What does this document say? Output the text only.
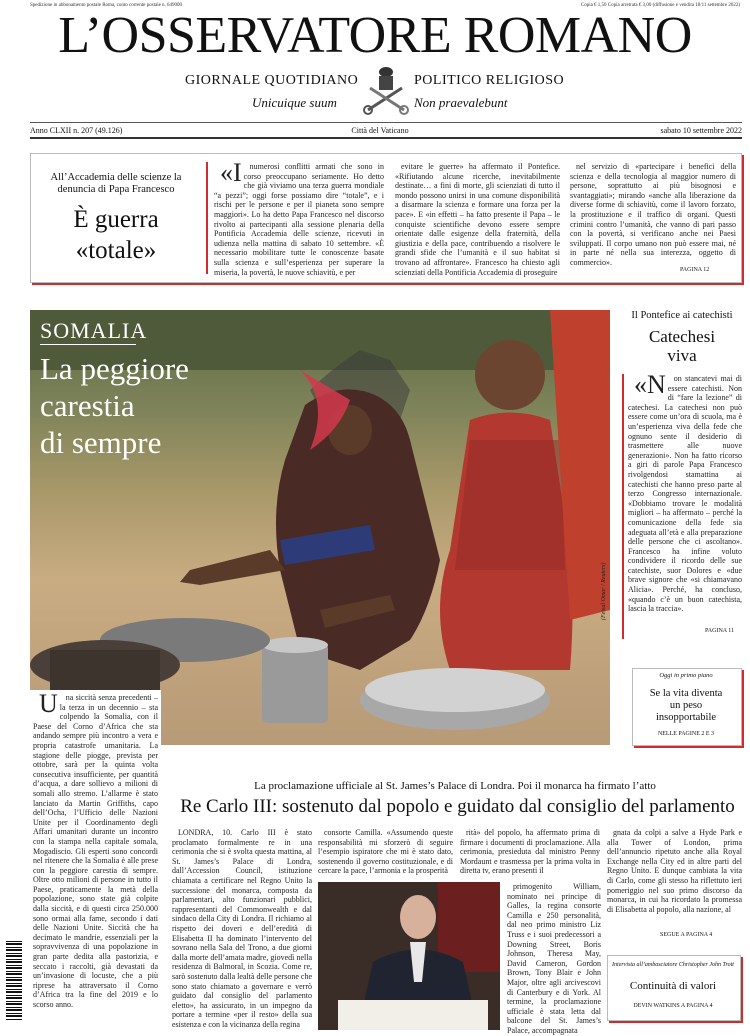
Spedizione in abbonamento postale Roma, conto corrente postale n. 649000	Copia € 1,50 Copia arretrata € 3,00 (diffusione e vendita 18/11 settembre 2022)
L’OSSERVATORE ROMANO
GIORNALE QUOTIDIANO	POLITICO RELIGIOSO
Unicuique suum	Non praevalebunt
Anno CLXII n. 207 (49.126)	Città del Vaticano	sabato 10 settembre 2022
All’Accademia delle scienze la denuncia di Papa Francesco
È guerra
«totale»

«Inumerosi conflitti armati che sono in corso preoccupano seriamente. Ho detto che già viviamo una terza guerra mondiale “a pezzi”; oggi forse possiamo dire “totale”, e i rischi per le persone e per il pianeta sono sempre maggiori». Lo ha detto Papa Francesco nel discorso rivolto ai partecipanti alla sessione plenaria della Pontificia Accademia delle scienze, ricevuti in udienza nella mattina di sabato 10 settembre. «È necessario mobilitare tutte le conoscenze basate sulla scienza e sull’esperienza per superare la miseria, la povertà, le nuove schiavitù, e per

evitare le guerre» ha affermato il Pontefice. «Rifiutando alcune ricerche, inevitabilmente destinate… a fini di morte, gli scienziati di tutto il mondo possono unirsi in una comune disponibilità a disarmare la scienza e formare una forza per la pace». E «in effetti – ha fatto presente il Papa – le conquiste scientifiche devono essere sempre orientate dalle esigenze della fraternità, della giustizia e della pace, contribuendo a risolvere le grandi sfide che l’umanità e il suo habitat si trovano ad affrontare». Francesco ha chiesto agli scienziati della Pontificia Accademia di proseguire

nel servizio di «partecipare i benefici della scienza e della tecnologia al maggior numero di persone, soprattutto ai più bisognosi e svantaggiati»; mirando «anche alla liberazione da diverse forme di schiavitù, come il lavoro forzato, la prostituzione e il traffico di organi. Questi crimini contro l’umanità, che vanno di pari passo con la povertà, si verificano anche nei Paesi sviluppati. Il corpo umano non può essere mai, né in parte né nella sua interezza, oggetto di commercio».

PAGINA 12
SOMALIA
La peggiore
carestia
di sempre
(Feisal Omar / Reuters)

Una siccità senza precedenti – la terza in un decennio – sta colpendo la Somalia, con il Paese del Corno d’Africa che sta andando sempre più incontro a vera e propria catastrofe umanitaria. La stagione delle piogge, prevista per ottobre, sarà per la quinta volta consecutiva insufficiente, per quantità d’acqua, a dare sollievo a milioni di somali allo stremo. L’allarme è stato lanciato da Martin Griffiths, capo dell’Ocha, l’Ufficio delle Nazioni Unite per il Coordinamento degli Affari umanitari durante un incontro con la stampa nella capitale somala, Mogadiscio. Gli esperti sono concordi nel ritenere che la Somalia è alle prese con la peggiore carestia di sempre. Oltre otto milioni di persone in tutto il Paese, praticamente la metà della popolazione, sono state già colpite dalla siccità, e di questi circa 250.000 sono ormai alla fame, secondo i dati delle Nazioni Unite. Siccità che ha decimato le mandrie, essenziali per la sopravvivenza di una popolazione in gran parte dedita alla pastorizia, e seccato i raccolti, già devastati da un’invasione di locuste, che a più riprese ha attraversato il Corno d’Africa tra la fine del 2019 e lo scorso anno.

Il Pontefice ai catechisti
Catechesi
viva

«Non stancatevi mai di essere catechisti. Non di “fare la lezione” di catechesi. La catechesi non può essere come un’ora di scuola, ma è un’esperienza viva della fede che ognuno sente il desiderio di trasmettere alle nuove generazioni». Non ha fatto ricorso a giri di parole Papa Francesco rivolgendosi stamattina ai catechisti che hanno preso parte al terzo Congresso internazionale. «Dobbiamo trovare le modalità migliori – ha affermato – perché la comunicazione della fede sia adeguata all’età e alla preparazione delle persone che ci ascoltano». Francesco ha infine voluto condividere il ricordo delle sue catechiste, suor Dolores e «due brave signore che «si chiamavano Alicia». Perché, ha concluso, «quando c’è un buon catechista, lascia la traccia».

PAGINA 11
Oggi in primo piano
Se la vita diventa
un peso
insopportabile
NELLE PAGINE 2 E 3
La proclamazione ufficiale al St. James’s Palace di Londra. Poi il monarca ha firmato l’atto
Re Carlo III: sostenuto dal popolo e guidato dal consiglio del parlamento

LONDRA, 10. Carlo III è stato proclamato formalmente re in una cerimonia che si è svolta questa mattina, al St. James’s Palace di Londra, dall’Accession Council, istituzione chiamata a certificare nel Regno Unito la successione del monarca, composta da parlamentari, alto funzionari pubblici, rappresentanti del Commonwealth e dal sindaco della City di Londra. Il richiamo al rispetto dei doveri e dell’eredità di Elisabetta II ha dominato l’intervento del sovrano nella Sala del Trono, a due giorni dalla morte dell’amata madre, giovedì nella residenza di Balmoral, in Scozia. Come re, sarò sostenuto dalla lealtà delle persone che sono stato chiamato a governare e verrò guidato dal consiglio del parlamento eletto», ha assicurato, in un impegno da portare a termine «per il resto» della sua esistenza e con la vicinanza della regina

consorte Camilla. «Assumendo queste responsabilità mi sforzerò di seguire l’esempio ispiratore che mi è stato dato, sostenendo il governo costituzionale, e di cercare la pace, l’armonia e la prosperità

rità» del popolo, ha affermato prima di firmare i documenti di proclamazione. Alla cerimonia, presieduta dal ministro Penny Mordaunt e trasmessa per la prima volta in diretta tv, erano presenti il

primogenito William, nominato nei principe di Galles, la regina consorte Camilla e 250 personalità, dal neo primo ministro Liz Truss e i suoi predecessori a Downing Street, Boris Johnson, Theresa May, David Cameron, Gordon Brown, Tony Blair e John Major, oltre agli arcivescovi di Canterbury e di York. Al termine, la proclamazione ufficiale è stata letta dal balcone del St. James’s Palace, accompagnata

gnata da colpi a salve a Hyde Park e alla Tower of London, prima dell’annuncio ripetuto anche alla Royal Exchange nella City ed in altre parti del Regno Unito. E dunque cambiata la vita di Carlo, come gli stesso ha riflettuto ieri pomeriggio nel suo primo discorso da monarca, in cui ha ricordato la promessa di Elisabetta al popolo, alla nazione, al

SEGUE A PAGINA 4
Intervista all’ambasciatore Christopher John Trott
Continuità di valori
DEVIN WATKINS A PAGINA 4
